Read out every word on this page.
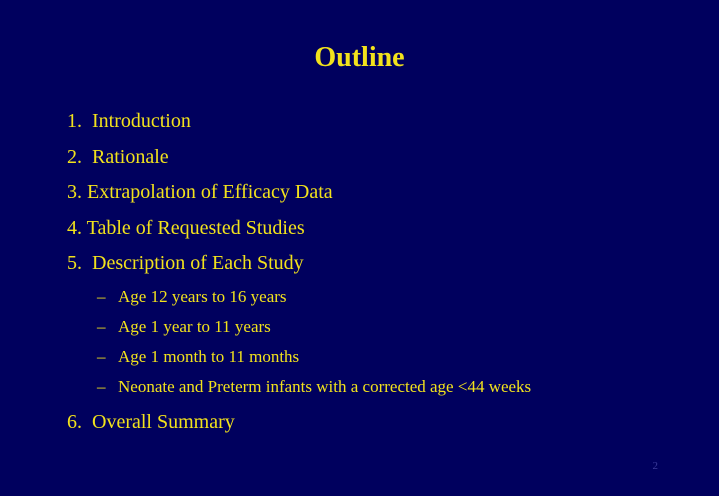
Outline
1.  Introduction
2.  Rationale
3. Extrapolation of Efficacy Data
4. Table of Requested Studies
5.  Description of Each Study
– Age 12 years to 16 years
– Age 1 year to 11 years
– Age 1 month to 11 months
– Neonate and Preterm infants with a corrected age <44 weeks
6.  Overall Summary
2
